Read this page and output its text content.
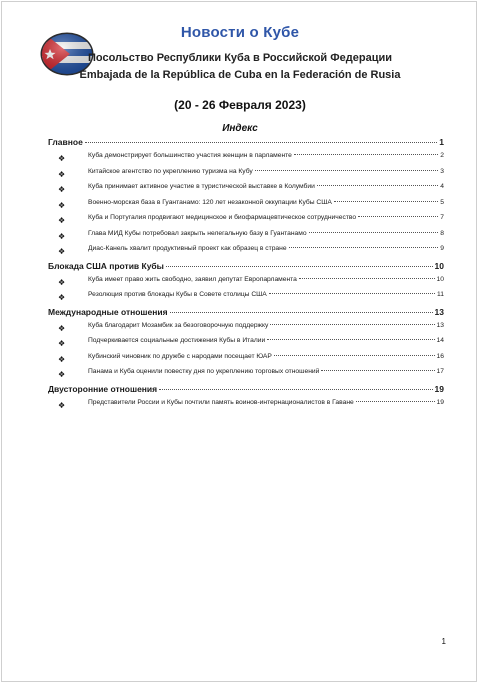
Новости о Кубе
Посольство Республики Куба в Российской Федерации
Embajada de la República de Cuba en la Federación de Rusia
(20 - 26 Февраля 2023)
Индекс
Главное	1
❖	Куба демонстрирует большинство участия женщин в парламенте	2
❖	Китайское агентство по укреплению туризма на Кубу	3
❖	Куба принимает активное участие в туристической выставке в Колумбии	4
❖	Военно-морская база в Гуантанамо: 120 лет незаконной оккупации Кубы США	5
❖	Куба и Португалия продвигают медицинское и биофармацевтическое сотрудничество	7
❖	Глава МИД Кубы потребовал закрыть нелегальную базу в Гуантанамо	8
❖	Диас-Канель хвалит продуктивный проект как образец в стране	9
Блокада США против Кубы	10
❖	Куба имеет право жить свободно, заявил депутат Европарламента	10
❖	Резолюция против блокады Кубы в Совете столицы США	11
Международные отношения	13
❖	Куба благодарит Мозамбик за безоговорочную поддержку	13
❖	Подчеркивается социальные достижения Кубы в Италии	14
❖	Кубинский чиновник по дружбе с народами посещает ЮАР	16
❖	Панама и Куба оценили повестку дня по укреплению торговых отношений	17
Двусторонние отношения	19
❖	Представители России и Кубы почтили память воинов-интернационалистов в Гаване	19
1
